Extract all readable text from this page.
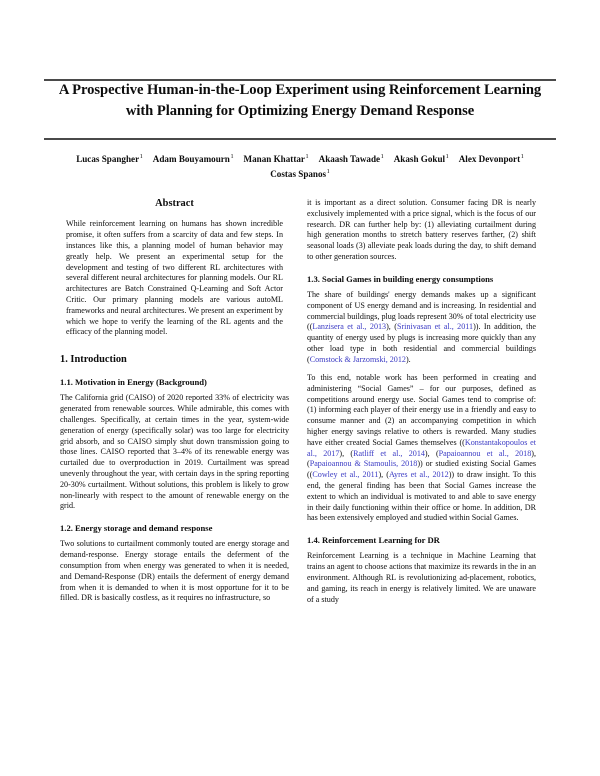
A Prospective Human-in-the-Loop Experiment using Reinforcement Learning with Planning for Optimizing Energy Demand Response
Lucas Spangher$^1$ Adam Bouyamourn$^1$ Manan Khattar$^1$ Akaash Tawade$^1$ Akash Gokul$^1$ Alex Devonport$^1$
Costas Spanos$^1$
Abstract

While reinforcement learning on humans has shown incredible promise, it often suffers from a scarcity of data and few steps. In instances like this, a planning model of human behavior may greatly help. We present an experimental setup for the development and testing of two different RL architectures with several different neural architectures for planning models. Our RL architectures are Batch Constrained Q-Learning and Soft Actor Critic. Our primary planning models are various autoML frameworks and neural architectures. We present an experiment by which we hope to verify the learning of the RL agents and the efficacy of the planning model.

1. Introduction
1.1. Motivation in Energy (Background)

The California grid (CAISO) of 2020 reported 33% of electricity was generated from renewable sources. While admirable, this comes with challenges. Specifically, at certain times in the year, system-wide generation of energy (specifically solar) was too large for electricity grid absorb, and so CAISO simply shut down transmission going to those lines. CAISO reported that 3–4% of its renewable energy was curtailed due to overproduction in 2019. Curtailment was spread unevenly throughout the year, with certain days in the spring reporting 20-30% curtailment. Without solutions, this problem is likely to grow non-linearly with respect to the amount of renewable energy on the grid.

1.2. Energy storage and demand response

Two solutions to curtailment commonly touted are energy storage and demand-response. Energy storage entails the deferment of the consumption from when energy was generated to when it is needed, and Demand-Response (DR) entails the deferment of energy demand from when it is demanded to when it is most opportune for it to be filled. DR is basically costless, as it requires no infrastructure, so

it is important as a direct solution. Consumer facing DR is nearly exclusively implemented with a price signal, which is the focus of our research. DR can further help by: (1) alleviating curtailment during high generation months to stretch battery reserves farther, (2) shift seasonal loads (3) alleviate peak loads during the day, to shift demand to other generation sources.

1.3. Social Games in building energy consumptions

The share of buildings' energy demands makes up a significant component of US energy demand and is increasing. In residential and commercial buildings, plug loads represent 30% of total electricity use ((Lanzisera et al., 2013), (Srinivasan et al., 2011)). In addition, the quantity of energy used by plugs is increasing more quickly than any other load type in both residential and commercial buildings (Comstock & Jarzomski, 2012).

To this end, notable work has been performed in creating and administering “Social Games” – for our purposes, defined as competitions around energy use. Social Games tend to comprise of: (1) informing each player of their energy use in a friendly and easy to consume manner and (2) an accompanying competition in which higher energy savings relative to others is rewarded. Many studies have either created Social Games themselves ((Konstantakopoulos et al., 2017), (Ratliff et al., 2014), (Papaioannou et al., 2018), (Papaioannou & Stamoulis, 2018)) or studied existing Social Games ((Cowley et al., 2011), (Ayres et al., 2012)) to draw insight. To this end, the general finding has been that Social Games increase the extent to which an individual is motivated to and able to save energy in their daily functioning within their office or home. In addition, DR has been extensively employed and studied within Social Games.

1.4. Reinforcement Learning for DR

Reinforcement Learning is a technique in Machine Learning that trains an agent to choose actions that maximize its rewards in the in an environment. Although RL is revolutionizing ad-placement, robotics, and gaming, its reach in energy is relatively limited. We are unaware of a study
